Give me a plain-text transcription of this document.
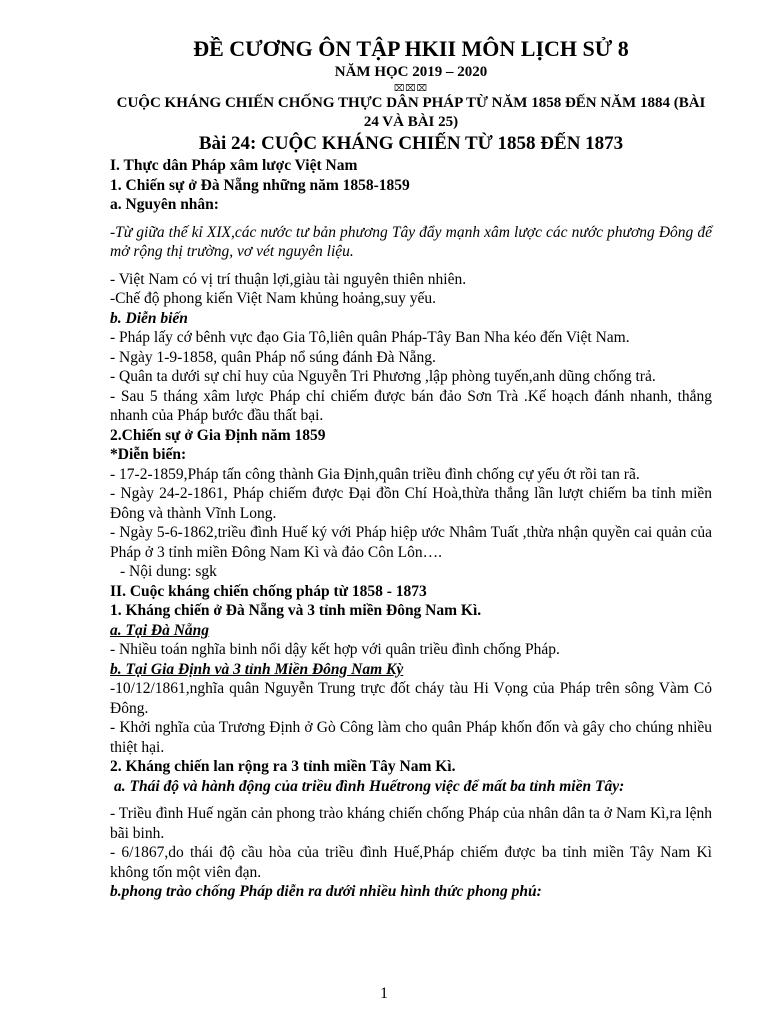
ĐỀ CƯƠNG ÔN TẬP HKII MÔN LỊCH SỬ 8

NĂM HỌC 2019 – 2020

⌧⌧⌧

CUỘC KHÁNG CHIẾN CHỐNG THỰC DÂN PHÁP TỪ NĂM 1858 ĐẾN NĂM 1884 (BÀI 24 VÀ BÀI 25)

Bài 24: CUỘC KHÁNG CHIẾN TỪ 1858 ĐẾN 1873

I. Thực dân Pháp xâm lược Việt Nam

1. Chiến sự ở Đà Nẵng những năm 1858-1859

a. Nguyên nhân:

-Từ giữa thế kỉ XIX,các nước tư bản phương Tây đẩy mạnh xâm lược các nước phương Đông để mở rộng thị trường, vơ vét nguyên liệu.

- Việt Nam có vị trí thuận lợi,giàu tài nguyên thiên nhiên.

-Chế độ phong kiến Việt Nam khủng hoảng,suy yếu.

b. Diễn biến

- Pháp lấy cớ bênh vực đạo Gia Tô,liên quân Pháp-Tây Ban Nha kéo đến Việt Nam.

- Ngày 1-9-1858, quân Pháp nổ súng đánh Đà Nẵng.

- Quân ta dưới sự chỉ huy của Nguyễn Tri Phương ,lập phòng tuyến,anh dũng chống trả.

- Sau 5 tháng xâm lược Pháp chỉ chiếm được bán đảo Sơn Trà .Kế hoạch đánh nhanh, thắng nhanh của Pháp bước đầu thất bại.

2.Chiến sự ở Gia Định năm 1859

*Diễn biến:

- 17-2-1859,Pháp tấn công thành Gia Định,quân triều đình chống cự yếu ớt rồi tan rã.

- Ngày 24-2-1861, Pháp chiếm được Đại đồn Chí Hoà,thừa thắng lần lượt chiếm ba tỉnh miền Đông và thành Vĩnh Long.

- Ngày 5-6-1862,triều đình Huế ký với Pháp hiệp ước Nhâm Tuất ,thừa nhận quyền cai quản của Pháp ở 3 tỉnh miền Đông Nam Kì và đảo Côn Lôn….

- Nội dung: sgk

II. Cuộc kháng chiến chống pháp từ 1858 - 1873

1. Kháng chiến ở Đà Nẵng và 3 tỉnh miền Đông Nam Kì.

a. Tại Đà Nẵng

- Nhiều toán nghĩa binh nổi dậy kết hợp với quân triều đình chống Pháp.

b. Tại Gia Định và 3 tỉnh Miền Đông Nam Kỳ

-10/12/1861,nghĩa quân Nguyễn Trung trực đốt cháy tàu Hi Vọng của Pháp trên sông Vàm Cỏ Đông.

- Khởi nghĩa của Trương Định ở Gò Công làm cho quân Pháp khốn đốn và gây cho chúng nhiều thiệt hại.

2. Kháng chiến lan rộng ra 3 tỉnh miền Tây Nam Kì.

a. Thái độ và hành động của triều đình Huếtrong việc để mất ba tỉnh miền Tây:

- Triều đình Huế ngăn cản phong trào kháng chiến chống Pháp của nhân dân ta ở Nam Kì,ra lệnh bãi binh.

- 6/1867,do thái độ cầu hòa của triều đình Huế,Pháp chiếm được ba tỉnh miền Tây Nam Kì không tốn một viên đạn.

b.phong trào chống Pháp diễn ra dưới nhiều hình thức phong phú:

1
